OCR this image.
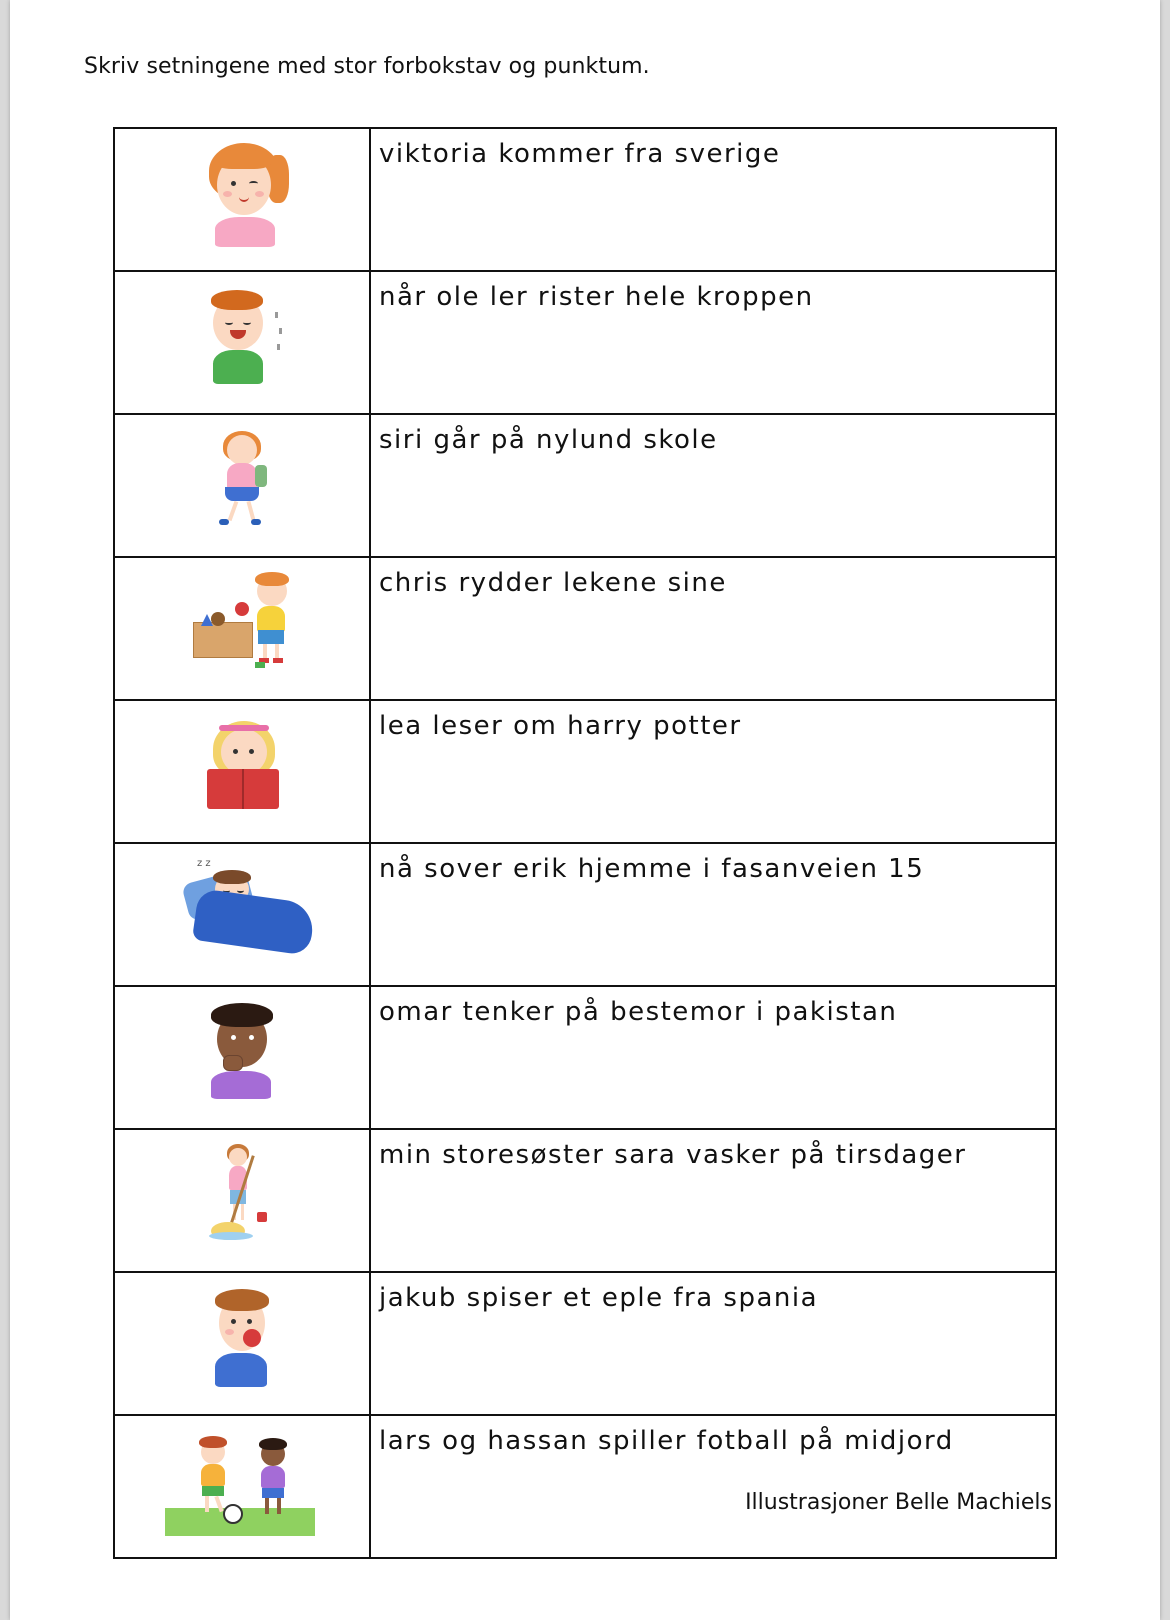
Skriv setningene med stor forbokstav og punktum.
	viktoria kommer fra sverige

	når ole ler rister hele kroppen

	siri går på nylund skole

	chris rydder lekene sine

	lea leser om harry potter

z z	nå sover erik hjemme i fasanveien 15

	omar tenker på bestemor i pakistan

	min storesøster sara vasker på tirsdager

	jakub spiser et eple fra spania

	lars og hassan spiller fotball på midjord
Illustrasjoner Belle Machiels
